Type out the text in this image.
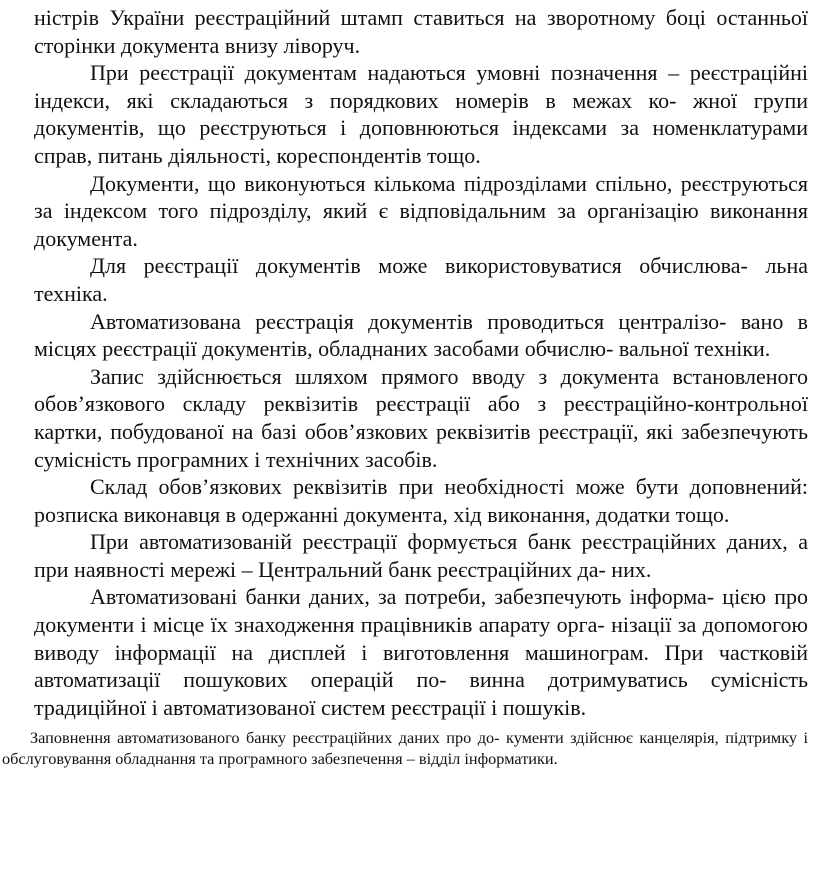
ністрів України реєстраційний штамп ставиться на зворотному боці останньої сторінки документа внизу ліворуч.

При реєстрації документам надаються умовні позначення – реєстраційні індекси, які складаються з порядкових номерів в межах ко- жної групи документів, що реєструються і доповнюються індексами за номенклатурами справ, питань діяльності, кореспондентів тощо.

Документи, що виконуються кількома підрозділами спільно, реєструються за індексом того підрозділу, який є відповідальним за організацію виконання документа.

Для реєстрації документів може використовуватися обчислюва- льна техніка.

Автоматизована реєстрація документів проводиться централізо- вано в місцях реєстрації документів, обладнаних засобами обчислю- вальної техніки.

Запис здійснюється шляхом прямого вводу з документа встановленого обов’язкового складу реквізитів реєстрації або з реєстраційно-контрольної картки, побудованої на базі обов’язкових реквізитів реєстрації, які забезпечують сумісність програмних і технічних засобів.

Склад обов’язкових реквізитів при необхідності може бути доповнений: розписка виконавця в одержанні документа, хід виконання, додатки тощо.

При автоматизованій реєстрації формується банк реєстраційних даних, а при наявності мережі – Центральний банк реєстраційних да- них.

Автоматизовані банки даних, за потреби, забезпечують інформа- цією про документи і місце їх знаходження працівників апарату орга- нізації за допомогою виводу інформації на дисплей і виготовлення машинограм. При частковій автоматизації пошукових операцій по- винна дотримуватись сумісність традиційної і автоматизованої систем реєстрації і пошуків.

Заповнення автоматизованого банку реєстраційних даних про до- кументи здійснює канцелярія, підтримку і обслуговування обладнання та програмного забезпечення – відділ інформатики.
